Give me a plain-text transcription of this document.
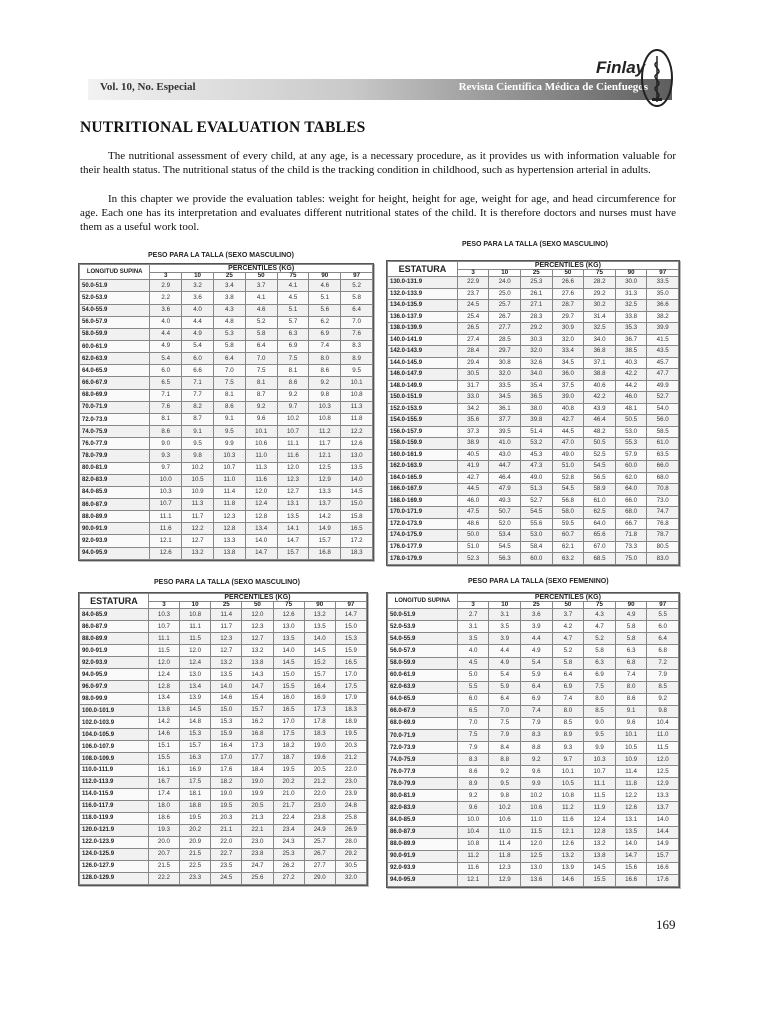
Vol. 10, No. Especial	Revista Científica Médica de Cienfuegos
Finlay
NUTRITIONAL EVALUATION TABLES
The nutritional assessment of every child, at any age, is a necessary procedure, as it provides us with information valuable for their health status. The nutritional status of the child is the tracking condition in childhood, such as hypertension arterial in adults.
In this chapter we provide the evaluation tables: weight for height, height for age, weight for age, and head circumference for age. Each one has its interpretation and evaluates different nutritional states of the child. It is therefore doctors and nurses must have them as a useful work tool.
PESO PARA LA TALLA (SEXO MASCULINO)
PESO PARA LA TALLA (SEXO MASCULINO)
PESO PARA LA TALLA (SEXO MASCULINO)	PESO PARA LA TALLA (SEXO FEMENINO)
LONGITUD SUPINA	PERCENTILES (KG)						
	3	10	25	50	75	90	97
50.0-51.9	2.9	3.2	3.4	3.7	4.1	4.6	5.2
52.0-53.9	2.2	3.6	3.8	4.1	4.5	5.1	5.8
54.0-55.9	3.6	4.0	4.3	4.6	5.1	5.6	6.4
56.0-57.9	4.0	4.4	4.8	5.2	5.7	6.2	7.0
58.0-59.9	4.4	4.9	5.3	5.8	6.3	6.9	7.6
60.0-61.9	4.9	5.4	5.8	6.4	6.9	7.4	8.3
62.0-63.9	5.4	6.0	6.4	7.0	7.5	8.0	8.9
64.0-65.9	6.0	6.6	7.0	7.5	8.1	8.6	9.5
66.0-67.9	6.5	7.1	7.5	8.1	8.6	9.2	10.1
68.0-69.9	7.1	7.7	8.1	8.7	9.2	9.8	10.8
70.0-71.9	7.6	8.2	8.6	9.2	9.7	10.3	11.3
72.0-73.9	8.1	8.7	9.1	9.6	10.2	10.8	11.8
74.0-75.9	8.6	9.1	9.5	10.1	10.7	11.2	12.2
76.0-77.9	9.0	9.5	9.9	10.6	11.1	11.7	12.6
78.0-79.9	9.3	9.8	10.3	11.0	11.6	12.1	13.0
80.0-81.9	9.7	10.2	10.7	11.3	12.0	12.5	13.5
82.0-83.9	10.0	10.5	11.0	11.6	12.3	12.9	14.0
84.0-85.9	10.3	10.9	11.4	12.0	12.7	13.3	14.5
86.0-87.9	10.7	11.3	11.8	12.4	13.1	13.7	15.0
88.0-89.9	11.1	11.7	12.3	12.8	13.5	14.2	15.8
90.0-91.9	11.6	12.2	12.8	13.4	14.1	14.9	16.5
92.0-93.9	12.1	12.7	13.3	14.0	14.7	15.7	17.2
94.0-95.9	12.6	13.2	13.8	14.7	15.7	16.8	18.3
ESTATURA	PERCENTILES (KG)						
	3	10	25	50	75	90	97
130.0-131.9	22.9	24.0	25.3	26.6	28.2	30.0	33.5
132.0-133.9	23.7	25.0	26.1	27.6	29.2	31.3	35.0
134.0-135.9	24.5	25.7	27.1	28.7	30.2	32.5	36.6
136.0-137.9	25.4	26.7	28.3	29.7	31.4	33.8	38.2
138.0-139.9	26.5	27.7	29.2	30.9	32.5	35.3	39.9
140.0-141.9	27.4	28.5	30.3	32.0	34.0	36.7	41.5
142.0-143.9	28.4	29.7	32.0	33.4	36.8	38.5	43.5
144.0-145.9	29.4	30.8	32.6	34.5	37.1	40.3	45.7
146.0-147.9	30.5	32.0	34.0	36.0	38.8	42.2	47.7
148.0-149.9	31.7	33.5	35.4	37.5	40.6	44.2	49.9
150.0-151.9	33.0	34.5	36.5	39.0	42.2	46.0	52.7
152.0-153.9	34.2	36.1	38.0	40.8	43.9	48.1	54.0
154.0-155.9	35.6	37.7	39.8	42.7	46.4	50.5	56.0
156.0-157.9	37.3	39.5	51.4	44.5	48.2	53.0	58.5
158.0-159.9	38.9	41.0	53.2	47.0	50.5	55.3	61.0
160.0-161.9	40.5	43.0	45.3	49.0	52.5	57.9	63.5
162.0-163.9	41.9	44.7	47.3	51.0	54.5	60.0	66.0
164.0-165.9	42.7	46.4	49.0	52.8	56.5	62.0	68.0
166.0-167.9	44.5	47.9	51.3	54.5	58.9	64.0	70.8
168.0-169.9	46.0	49.3	52.7	56.8	61.0	66.0	73.0
170.0-171.9	47.5	50.7	54.5	58.0	62.5	68.0	74.7
172.0-173.9	48.6	52.0	55.6	59.5	64.0	66.7	76.8
174.0-175.9	50.0	53.4	53.0	60.7	65.6	71.8	78.7
176.0-177.9	51.0	54.5	58.4	62.1	67.0	73.3	80.5
178.0-179.9	52.3	56.3	60.0	63.2	68.5	75.0	83.0
ESTATURA	PERCENTILES (KG)						
	3	10	25	50	75	90	97
84.0-85.9	10.3	10.8	11.4	12.0	12.6	13.2	14.7
86.0-87.9	10.7	11.1	11.7	12.3	13.0	13.5	15.0
88.0-89.9	11.1	11.5	12.3	12.7	13.5	14.0	15.3
90.0-91.9	11.5	12.0	12.7	13.2	14.0	14.5	15.9
92.0-93.9	12.0	12.4	13.2	13.8	14.5	15.2	16.5
94.0-95.9	12.4	13.0	13.5	14.3	15.0	15.7	17.0
96.0-97.9	12.8	13.4	14.0	14.7	15.5	16.4	17.5
98.0-99.9	13.4	13.9	14.6	15.4	16.0	16.9	17.9
100.0-101.9	13.8	14.5	15.0	15.7	16.5	17.3	18.3
102.0-103.9	14.2	14.8	15.3	16.2	17.0	17.8	18.9
104.0-105.9	14.6	15.3	15.9	16.8	17.5	18.3	19.5
106.0-107.9	15.1	15.7	16.4	17.3	18.2	19.0	20.3
108.0-109.9	15.5	16.3	17.0	17.7	18.7	19.6	21.2
110.0-111.9	16.1	16.9	17.6	18.4	19.5	20.5	22.0
112.0-113.9	16.7	17.5	18.2	19.0	20.2	21.2	23.0
114.0-115.9	17.4	18.1	19.0	19.9	21.0	22.0	23.9
116.0-117.9	18.0	18.8	19.5	20.5	21.7	23.0	24.8
118.0-119.9	18.6	19.5	20.3	21.3	22.4	23.8	25.8
120.0-121.9	19.3	20.2	21.1	22.1	23.4	24.9	26.9
122.0-123.9	20.0	20.9	22.0	23.0	24.3	25.7	28.0
124.0-125.9	20.7	21.5	22.7	23.8	25.3	26.7	29.2
126.0-127.9	21.5	22.5	23.5	24.7	26.2	27.7	30.5
128.0-129.9	22.2	23.3	24.5	25.6	27.2	29.0	32.0
LONGITUD SUPINA	PERCENTILES (KG)						
	3	10	25	50	75	90	97
50.0-51.9	2.7	3.1	3.6	3.7	4.3	4.9	5.5
52.0-53.9	3.1	3.5	3.9	4.2	4.7	5.8	6.0
54.0-55.9	3.5	3.9	4.4	4.7	5.2	5.8	6.4
56.0-57.9	4.0	4.4	4.9	5.2	5.8	6.3	6.8
58.0-59.9	4.5	4.9	5.4	5.8	6.3	6.8	7.2
60.0-61.9	5.0	5.4	5.9	6.4	6.9	7.4	7.9
62.0-63.9	5.5	5.9	6.4	6.9	7.5	8.0	8.5
64.0-65.9	6.0	6.4	6.9	7.4	8.0	8.6	9.2
66.0-67.9	6.5	7.0	7.4	8.0	8.5	9.1	9.8
68.0-69.9	7.0	7.5	7.9	8.5	9.0	9.6	10.4
70.0-71.9	7.5	7.9	8.3	8.9	9.5	10.1	11.0
72.0-73.9	7.9	8.4	8.8	9.3	9.9	10.5	11.5
74.0-75.9	8.3	8.8	9.2	9.7	10.3	10.9	12.0
76.0-77.9	8.6	9.2	9.6	10.1	10.7	11.4	12.5
78.0-79.9	8.9	9.5	9.9	10.5	11.1	11.8	12.9
80.0-81.9	9.2	9.8	10.2	10.8	11.5	12.2	13.3
82.0-83.9	9.6	10.2	10.6	11.2	11.9	12.6	13.7
84.0-85.9	10.0	10.6	11.0	11.6	12.4	13.1	14.0
86.0-87.9	10.4	11.0	11.5	12.1	12.8	13.5	14.4
88.0-89.9	10.8	11.4	12.0	12.6	13.2	14.0	14.9
90.0-91.9	11.2	11.8	12.5	13.2	13.8	14.7	15.7
92.0-93.9	11.6	12.3	13.0	13.9	14.5	15.6	16.6
94.0-95.9	12.1	12.9	13.6	14.6	15.5	16.6	17.6
169
